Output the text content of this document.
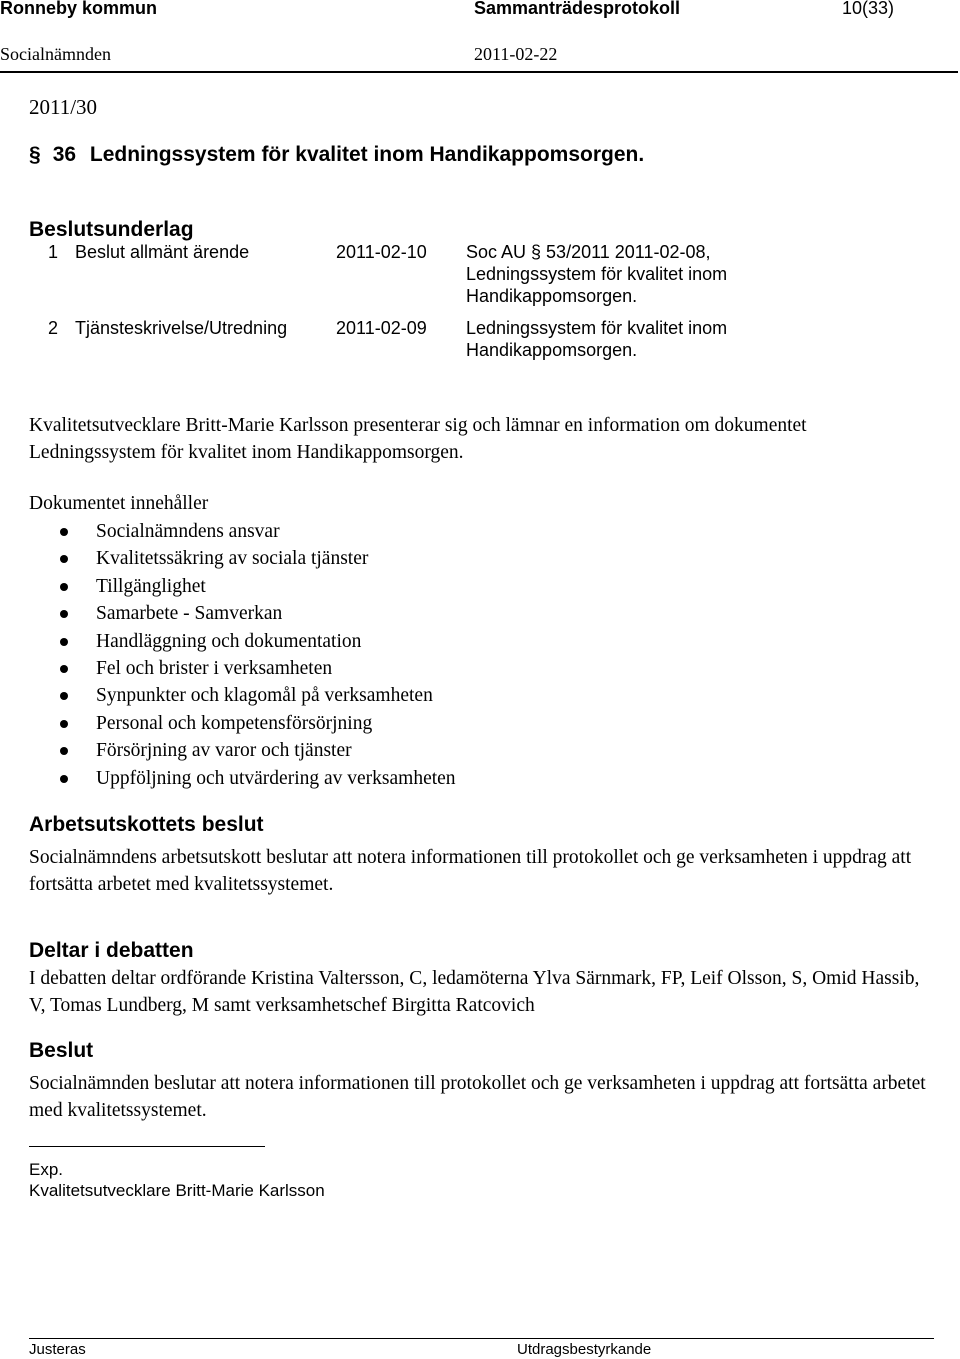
Ronneby kommun	Sammanträdesprotokoll	10(33)
Socialnämnden	2011-02-22
2011/30
§ 36 Ledningssystem för kvalitet inom Handikappomsorgen.
Beslutsunderlag
1 Beslut allmänt ärende	2011-02-10 Soc AU § 53/2011 2011-02-08,
Ledningssystem för kvalitet inom
Handikappomsorgen.
2 Tjänsteskrivelse/Utredning	2011-02-09 Ledningssystem för kvalitet inom
Handikappomsorgen.
Kvalitetsutvecklare Britt-Marie Karlsson presenterar sig och lämnar en information om dokumentet Ledningssystem för kvalitet inom Handikappomsorgen.
Dokumentet innehåller
Socialnämndens ansvar
Kvalitetssäkring av sociala tjänster
Tillgänglighet
Samarbete - Samverkan
Handläggning och dokumentation
Fel och brister i verksamheten
Synpunkter och klagomål på verksamheten
Personal och kompetensförsörjning
Försörjning av varor och tjänster
Uppföljning och utvärdering av verksamheten
Arbetsutskottets beslut
Socialnämndens arbetsutskott beslutar att notera informationen till protokollet och ge verksamheten i uppdrag att fortsätta arbetet med kvalitetssystemet.
Deltar i debatten
I debatten deltar ordförande Kristina Valtersson, C, ledamöterna Ylva Särnmark, FP, Leif Olsson, S, Omid Hassib, V, Tomas Lundberg, M samt verksamhetschef Birgitta Ratcovich
Beslut
Socialnämnden beslutar att notera informationen till protokollet och ge verksamheten i uppdrag att fortsätta arbetet med kvalitetssystemet.
Exp.
Kvalitetsutvecklare Britt-Marie Karlsson
Justeras	Utdragsbestyrkande
